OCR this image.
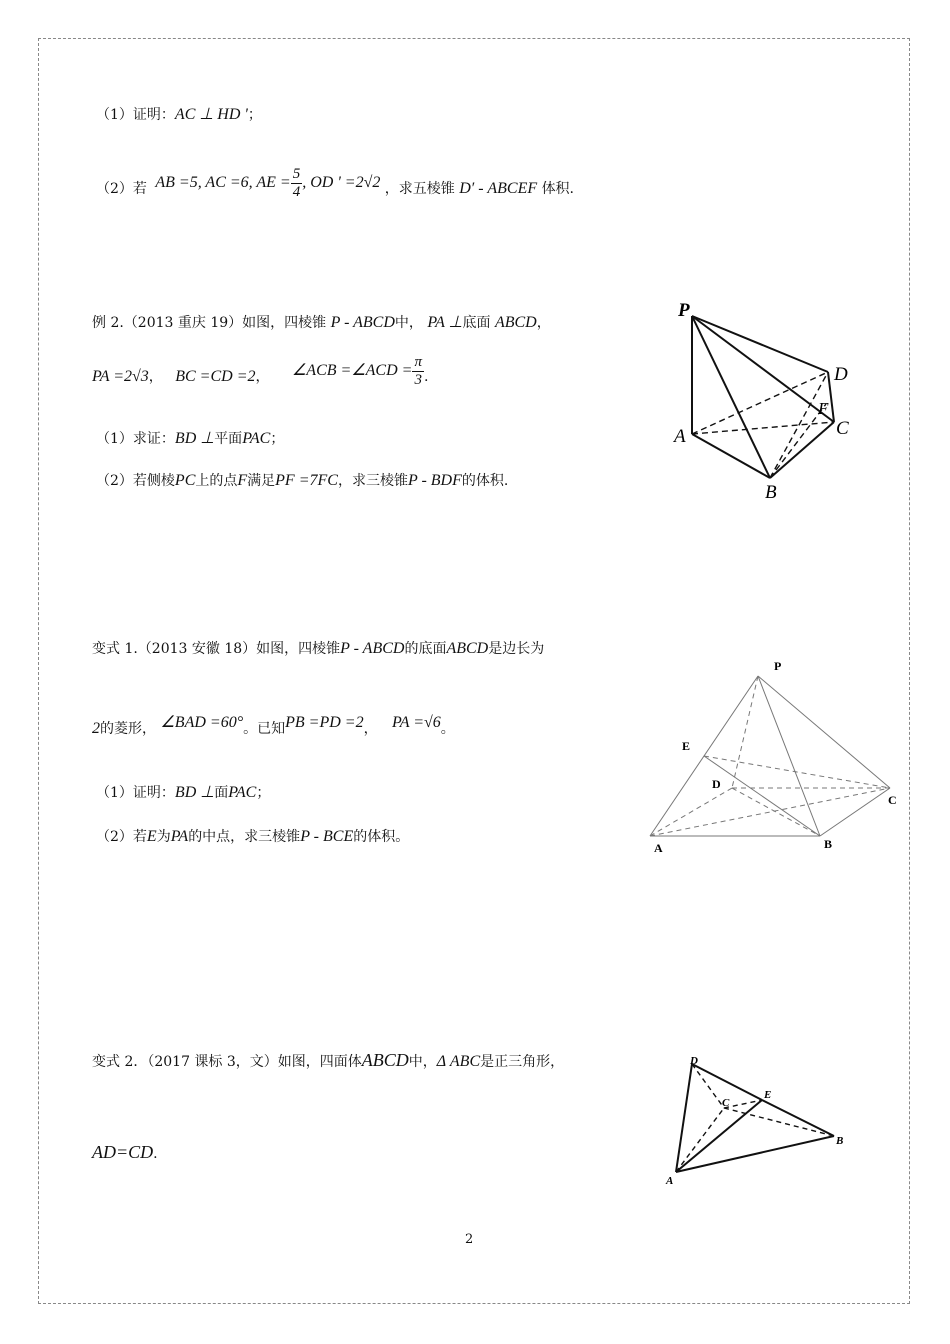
（1）证明：AC ⊥ HD '；
（2）若 AB =5, AC =6, AE = $\frac{5}{4}$ , OD ' =2√2 ，求五棱锥 D′ - ABCEF 体积.
例 2.（2013 重庆 19）如图，四棱锥 P - ABCD中， PA ⊥底面 ABCD，
PA =2√3， BC =CD =2， ∠ACB =∠ACD = $\frac{\pi}{3}$ .
（1）求证：BD ⊥平面PAC；
（2）若侧棱PC上的点F满足PF =7FC，求三棱锥P - BDF的体积.
P
D
F
C
A
B
变式 1.（2013 安徽 18）如图，四棱锥P - ABCD的底面ABCD是边长为
2的菱形， ∠BAD =60°。已知PB =PD =2， PA =√6。
（1）证明：BD ⊥面PAC；
（2）若E为PA的中点，求三棱锥P - BCE的体积。
P
E
D
C
A	B
变式 2．（2017 课标 3，文）如图，四面体ABCD中，Δ ABC是正三角形，
AD=CD.
D
C
E
B
A
2
